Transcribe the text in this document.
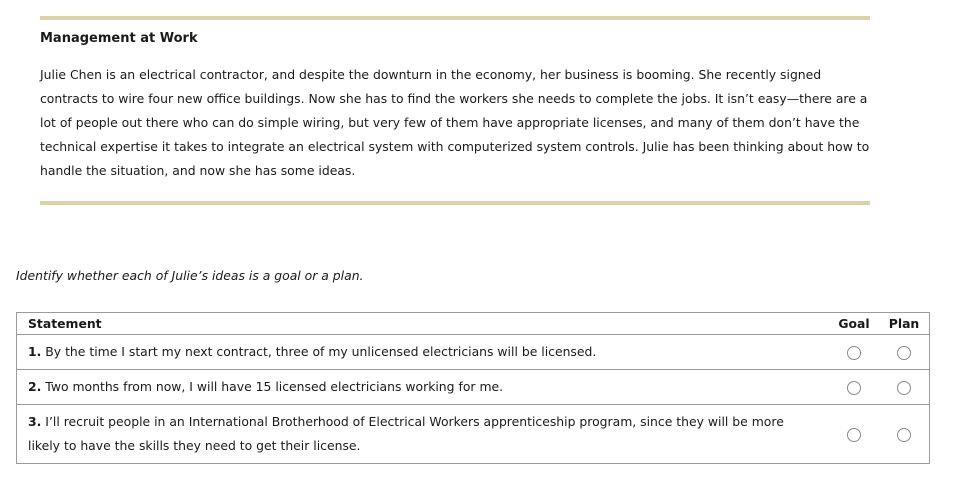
Management at Work
Julie Chen is an electrical contractor, and despite the downturn in the economy, her business is booming. She recently signed contracts to wire four new office buildings. Now she has to find the workers she needs to complete the jobs. It isn’t easy—there are a lot of people out there who can do simple wiring, but very few of them have appropriate licenses, and many of them don’t have the technical expertise it takes to integrate an electrical system with computerized system controls. Julie has been thinking about how to handle the situation, and now she has some ideas.
Identify whether each of Julie’s ideas is a goal or a plan.
Statement	Goal	Plan
1. By the time I start my next contract, three of my unlicensed electricians will be licensed.		
2. Two months from now, I will have 15 licensed electricians working for me.		
3. I’ll recruit people in an International Brotherhood of Electrical Workers apprenticeship program, since they will be more likely to have the skills they need to get their license.		
